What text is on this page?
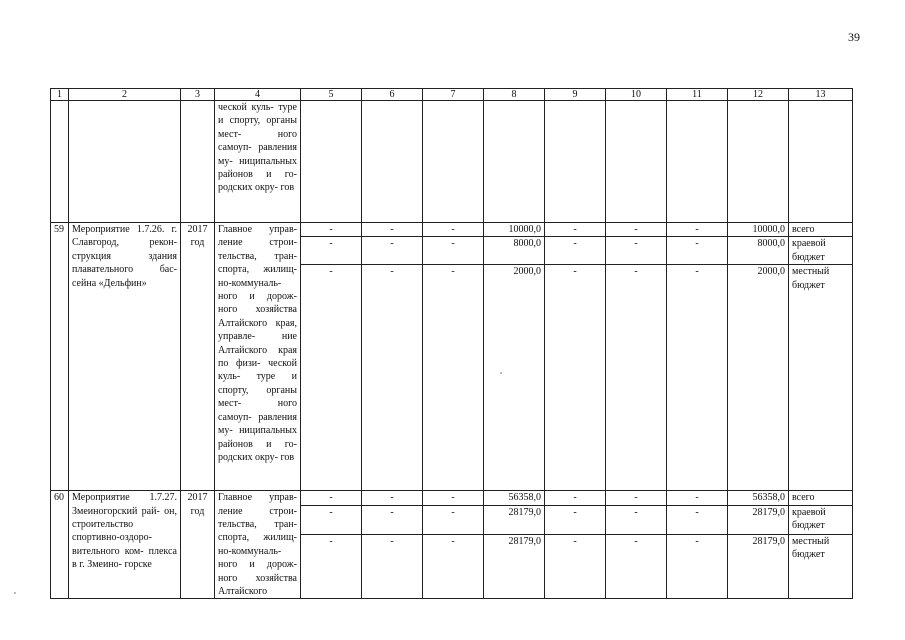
39
1	2	3	4	5	6	7	8	9	10	11	12	13
			ческой куль- туре и спорту, органы мест- ного самоуп- равления му- ниципальных районов и го- родских окру- гов									
59	Мероприятие 1.7.26. г. Славгород, рекон- струкция здания плавательного бас- сейна «Дельфин»	2017 год	Главное управ- ление строи- тельства, тран- спорта, жилищ- но-коммуналь- ного и дорож- ного хозяйства Алтайского края, управле- ние Алтайского края по физи- ческой куль- туре и спорту, органы мест- ного самоуп- равления му- ниципальных районов и го- родских окру- гов	-	-	-	10000,0	-	-	-	10000,0	всего
				-	-	-	8000,0	-	-	-	8000,0	краевой бюджет
				-	-	-	2000,0	-	-	-	2000,0	местный бюджет
60	Мероприятие 1.7.27. Змеиногорский рай- он, строительство спортивно-оздоро- вительного ком- плекса в г. Змеино- горске	2017 год	Главное управ- ление строи- тельства, тран- спорта, жилищ- но-коммуналь- ного и дорож- ного хозяйства Алтайского	-	-	-	56358,0	-	-	-	56358,0	всего
				-	-	-	28179,0	-	-	-	28179,0	краевой бюджет
				-	-	-	28179,0	-	-	-	28179,0	местный бюджет
